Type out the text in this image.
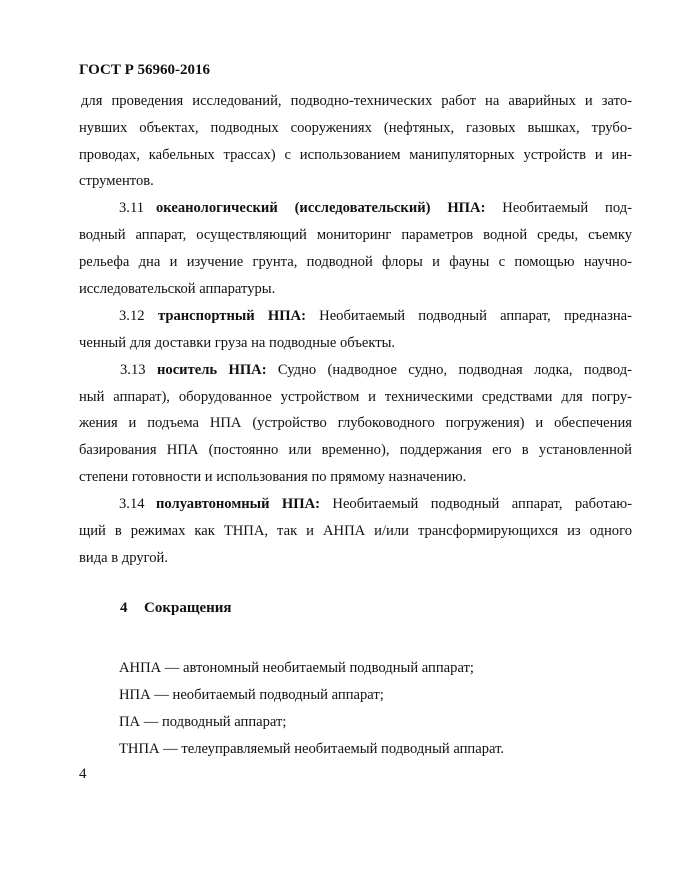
ГОСТ Р 56960-2016
для проведения исследований, подводно-технических работ на аварийных и зато-
нувших объектах, подводных сооружениях (нефтяных, газовых вышках, трубо-
проводах, кабельных трассах) с использованием манипуляторных устройств и ин-
струментов.
3.11 океанологический (исследовательский) НПА: Необитаемый под-
водный аппарат, осуществляющий мониторинг параметров водной среды, съемку
рельефа дна и изучение грунта, подводной флоры и фауны с помощью научно-
исследовательской аппаратуры.
3.12 транспортный НПА: Необитаемый подводный аппарат, предназна-
ченный для доставки груза на подводные объекты.
3.13 носитель НПА: Судно (надводное судно, подводная лодка, подвод-
ный аппарат), оборудованное устройством и техническими средствами для погру-
жения и подъема НПА (устройство глубоководного погружения) и обеспечения
базирования НПА (постоянно или временно), поддержания его в установленной
степени готовности и использования по прямому назначению.
3.14 полуавтономный НПА: Необитаемый подводный аппарат, работаю-
щий в режимах как ТНПА, так и АНПА и/или трансформирующихся из одного
вида в другой.
4 Сокращения
АНПА — автономный необитаемый подводный аппарат;
НПА — необитаемый подводный аппарат;
ПА — подводный аппарат;
ТНПА — телеуправляемый необитаемый подводный аппарат.
4
